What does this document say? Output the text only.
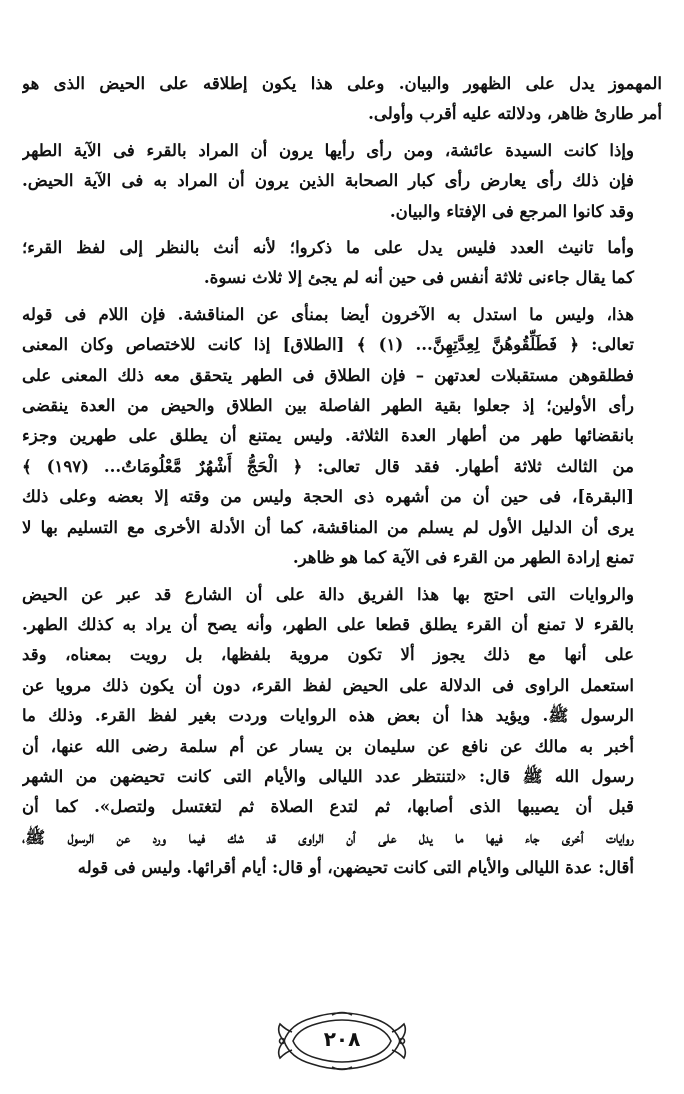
المهموز يدل على الظهور والبيان. وعلى هذا يكون إطلاقه على الحيض الذى هو
أمر طارئ ظاهر، ودلالته عليه أقرب وأولى.

وإذا كانت السيدة عائشة، ومن رأى رأيها يرون أن المراد بالقرء فى الآية الطهر
فإن ذلك رأى يعارض رأى كبار الصحابة الذين يرون أن المراد به فى الآية الحيض.
وقد كانوا المرجع فى الإفتاء والبيان.

وأما تانيث العدد فليس يدل على ما ذكروا؛ لأنه أنث بالنظر إلى لفظ القرء؛
كما يقال جاءنى ثلاثة أنفس فى حين أنه لم يجئ إلا ثلاث نسوة.

هذا، وليس ما استدل به الآخرون أيضا بمنأى عن المناقشة. فإن اللام فى قوله
تعالى: ﴿ فَطَلِّقُوهُنَّ لِعِدَّتِهِنَّ... (١) ﴾ [الطلاق] إذا كانت للاختصاص وكان المعنى
فطلقوهن مستقبلات لعدتهن – فإن الطلاق فى الطهر يتحقق معه ذلك المعنى على
رأى الأولين؛ إذ جعلوا بقية الطهر الفاصلة بين الطلاق والحيض من العدة ينقضى
بانقضائها طهر من أطهار العدة الثلاثة. وليس يمتنع أن يطلق على طهرين وجزء
من الثالث ثلاثة أطهار. فقد قال تعالى: ﴿ الْحَجُّ أَشْهُرٌ مَّعْلُومَاتٌ... (١٩٧) ﴾
[البقرة]، فى حين أن من أشهره ذى الحجة وليس من وقته إلا بعضه وعلى ذلك
يرى أن الدليل الأول لم يسلم من المناقشة، كما أن الأدلة الأخرى مع التسليم بها لا
تمنع إرادة الطهر من القرء فى الآية كما هو ظاهر.

والروايات التى احتج بها هذا الفريق دالة على أن الشارع قد عبر عن الحيض
بالقرء لا تمنع أن القرء يطلق قطعا على الطهر، وأنه يصح أن يراد به كذلك الطهر.
على أنها مع ذلك يجوز ألا تكون مروية بلفظها، بل رويت بمعناه، وقد
استعمل الراوى فى الدلالة على الحيض لفظ القرء، دون أن يكون ذلك مرويا عن
الرسول ﷺ. ويؤيد هذا أن بعض هذه الروايات وردت بغير لفظ القرء. وذلك ما
أخبر به مالك عن نافع عن سليمان بن يسار عن أم سلمة رضى الله عنها، أن
رسول الله ﷺ قال: «لتنتظر عدد الليالى والأيام التى كانت تحيضهن من الشهر
قبل أن يصيبها الذى أصابها، ثم لتدع الصلاة ثم لتغتسل ولتصل». كما أن
روايات أخرى جاء فيها ما يدل على أن الراوى قد شك فيما ورد عن الرسول ﷺ،
أقال: عدة الليالى والأيام التى كانت تحيضهن، أو قال: أيام أقرائها. وليس فى قوله

٢٠٨
